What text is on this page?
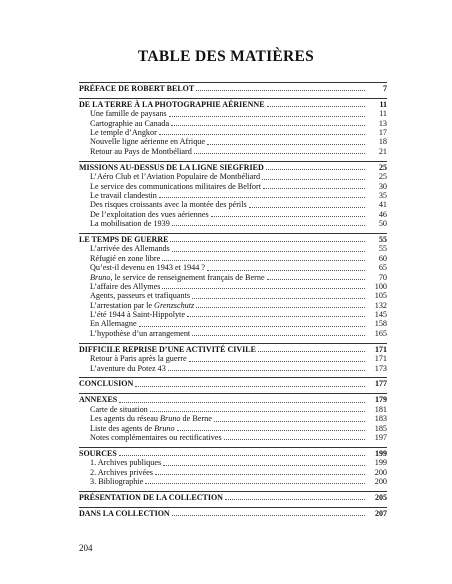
TABLE DES MATIÈRES
PRÉFACE DE ROBERT BELOT	7
DE LA TERRE À LA PHOTOGRAPHIE AÉRIENNE	11
Une famille de paysans	11
Cartographie au Canada	13
Le temple d’Angkor	17
Nouvelle ligne aérienne en Afrique	18
Retour au Pays de Montbéliard	21
MISSIONS AU-DESSUS DE LA LIGNE SIEGFRIED	25
L’Aéro Club et l’Aviation Populaire de Montbéliard	25
Le service des communications militaires de Belfort	30
Le travail clandestin	35
Des risques croissants avec la montée des périls	41
De l’exploitation des vues aériennes	46
La mobilisation de 1939	50
LE TEMPS DE GUERRE	55
L’arrivée des Allemands	55
Réfugié en zone libre	60
Qu’est-il devenu en 1943 et 1944 ?	65
Bruno, le service de renseignement français de Berne	70
L’affaire des Allymes	100
Agents, passeurs et trafiquants	105
L’arrestation par le Grenzschutz	132
L’été 1944 à Saint-Hippolyte	145
En Allemagne	158
L’hypothèse d’un arrangement	165
DIFFICILE REPRISE D’UNE ACTIVITÉ CIVILE	171
Retour à Paris après la guerre	171
L’aventure du Potez 43	173
CONCLUSION	177
ANNEXES	179
Carte de situation	181
Les agents du réseau Bruno de Berne	183
Liste des agents de Bruno	185
Notes complémentaires ou rectificatives	197
SOURCES	199
1. Archives publiques	199
2. Archives privées	200
3. Bibliographie	200
PRÉSENTATION DE LA COLLECTION	205
DANS LA COLLECTION	207
204
